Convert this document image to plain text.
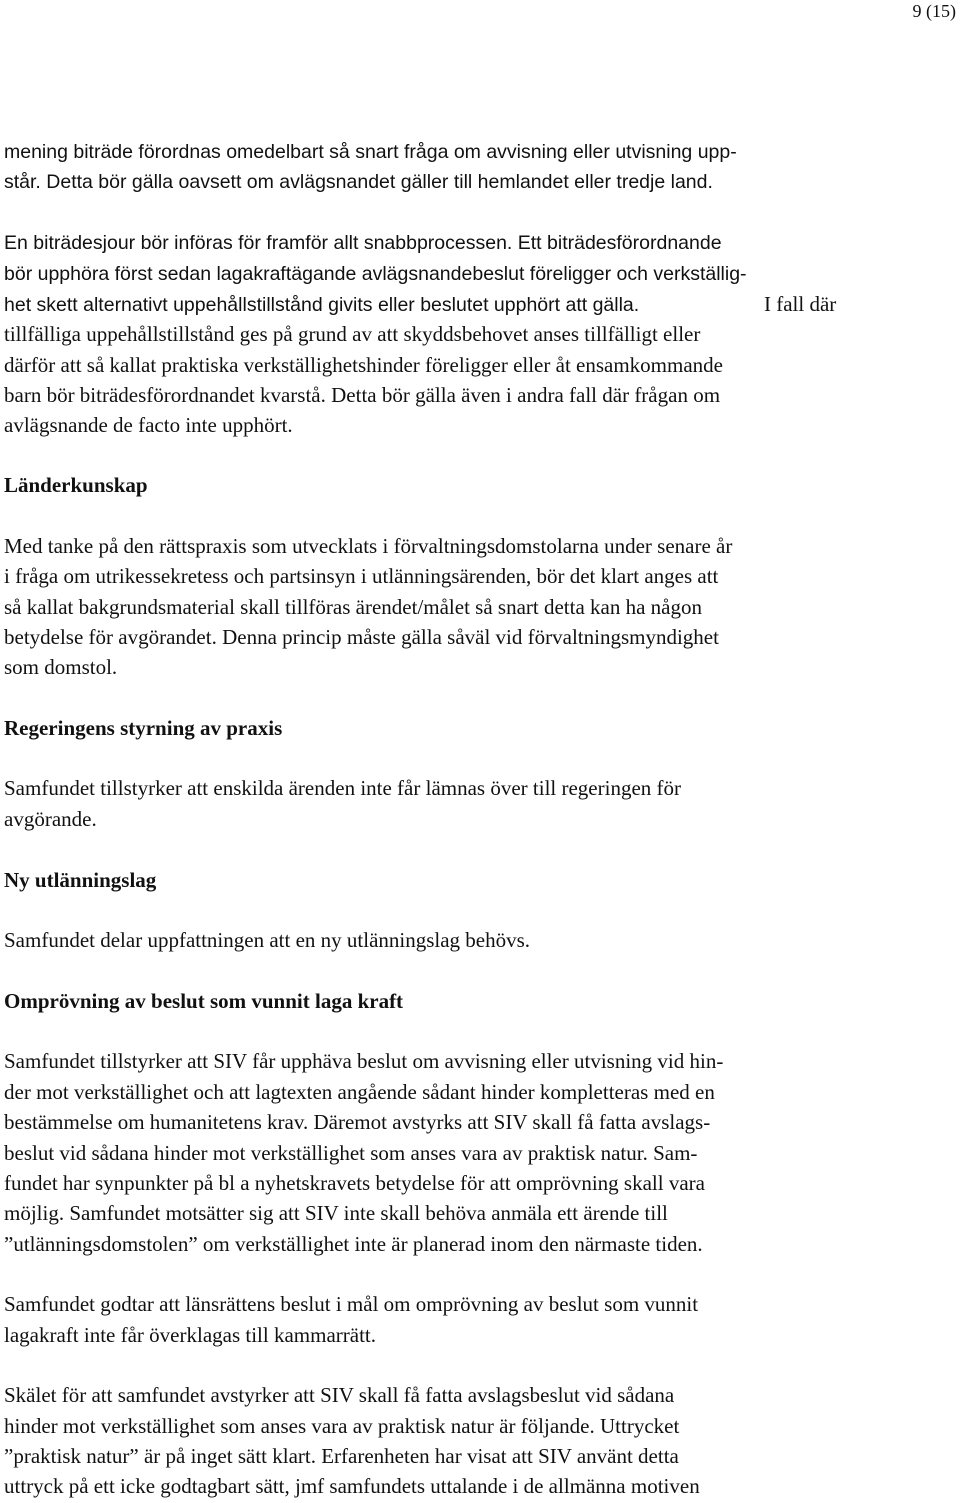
9 (15)
mening biträde förordnas omedelbart så snart fråga om avvisning eller utvisning upp-
står. Detta bör gälla oavsett om avlägsnandet gäller till hemlandet eller tredje land.
En biträdesjour bör införas för framför allt snabbprocessen. Ett biträdesförordnande
bör upphöra först sedan lagakraftägande avlägsnandebeslut föreligger och verkställig-
het skett alternativt uppehållstillstånd givits eller beslutet upphört att gälla.	I fall där
tillfälliga uppehållstillstånd ges på grund av att skyddsbehovet anses tillfälligt eller
därför att så kallat praktiska verkställighetshinder föreligger eller åt ensamkommande
barn bör biträdesförordnandet kvarstå. Detta bör gälla även i andra fall där frågan om
avlägsnande de facto inte upphört.
Länderkunskap
Med tanke på den rättspraxis som utvecklats i förvaltningsdomstolarna under senare år
i fråga om utrikessekretess och partsinsyn i utlänningsärenden, bör det klart anges att
så kallat bakgrundsmaterial skall tillföras ärendet/målet så snart detta kan ha någon
betydelse för avgörandet. Denna princip måste gälla såväl vid förvaltningsmyndighet
som domstol.
Regeringens styrning av praxis
Samfundet tillstyrker att enskilda ärenden inte får lämnas över till regeringen för
avgörande.
Ny utlänningslag
Samfundet delar uppfattningen att en ny utlänningslag behövs.
Omprövning av beslut som vunnit laga kraft
Samfundet tillstyrker att SIV får upphäva beslut om avvisning eller utvisning vid hin-
der mot verkställighet och att lagtexten angående sådant hinder kompletteras med en
bestämmelse om humanitetens krav. Däremot avstyrks att SIV skall få fatta avslags-
beslut vid sådana hinder mot verkställighet som anses vara av praktisk natur. Sam-
fundet har synpunkter på bl a nyhetskravets betydelse för att omprövning skall vara
möjlig. Samfundet motsätter sig att SIV inte skall behöva anmäla ett ärende till
”utlänningsdomstolen” om verkställighet inte är planerad inom den närmaste tiden.
Samfundet godtar att länsrättens beslut i mål om omprövning av beslut som vunnit
lagakraft inte får överklagas till kammarrätt.
Skälet för att samfundet avstyrker att SIV skall få fatta avslagsbeslut vid sådana
hinder mot verkställighet som anses vara av praktisk natur är följande. Uttrycket
”praktisk natur” är på inget sätt klart. Erfarenheten har visat att SIV använt detta
uttryck på ett icke godtagbart sätt, jmf samfundets uttalande i de allmänna motiven
